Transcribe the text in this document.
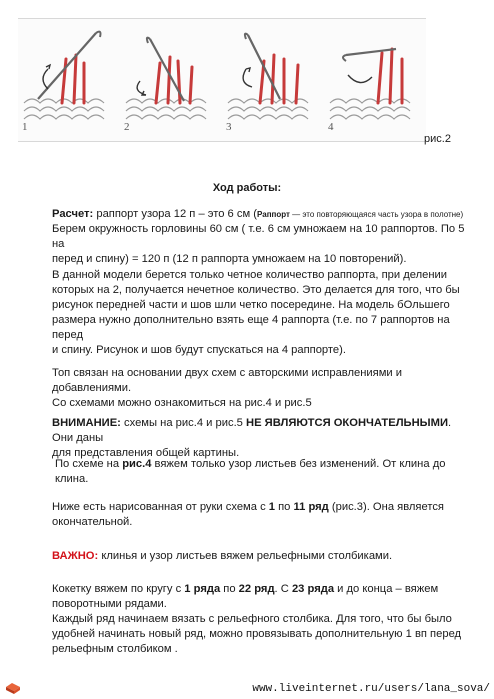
1	2	3	4
рис.2
Ход работы:
Расчет: раппорт узора 12 п – это 6 см (Раппорт — это повторяющаяся часть узора в полотне)
Берем окружность горловины 60 см ( т.е. 6 см умножаем на 10 раппортов. По 5 на
перед и спину) = 120 п (12 п раппорта умножаем на 10 повторений).
В данной модели берется только четное количество раппорта, при делении
которых на 2, получается нечетное количество. Это делается для того, что бы
рисунок передней части и шов шли четко посередине. На модель бОльшего
размера нужно дополнительно взять еще 4 раппорта (т.е. по 7 раппортов на перед
и спину. Рисунок и шов будут спускаться на 4 раппорте).
Топ связан на основании двух схем с авторскими исправлениями и добавлениями.
Со схемами можно ознакомиться на рис.4 и рис.5
ВНИМАНИЕ: схемы на рис.4 и рис.5 НЕ ЯВЛЯЮТСЯ ОКОНЧАТЕЛЬНЫМИ. Они даны
для представления общей картины.
По схеме на рис.4 вяжем только узор листьев без изменений. От клина до клина.
Ниже есть нарисованная от руки схема с 1 по 11 ряд (рис.3). Она является
окончательной.
ВАЖНО: клинья и узор листьев вяжем рельефными столбиками.
Кокетку вяжем по кругу с 1 ряда по 22 ряд. С 23 ряда и до конца – вяжем
поворотными рядами.
Каждый ряд начинаем вязать с рельефного столбика. Для того, что бы было
удобней начинать новый ряд, можно провязывать дополнительную 1 вп перед
рельефным столбиком .
www.liveinternet.ru/users/lana_sova/
